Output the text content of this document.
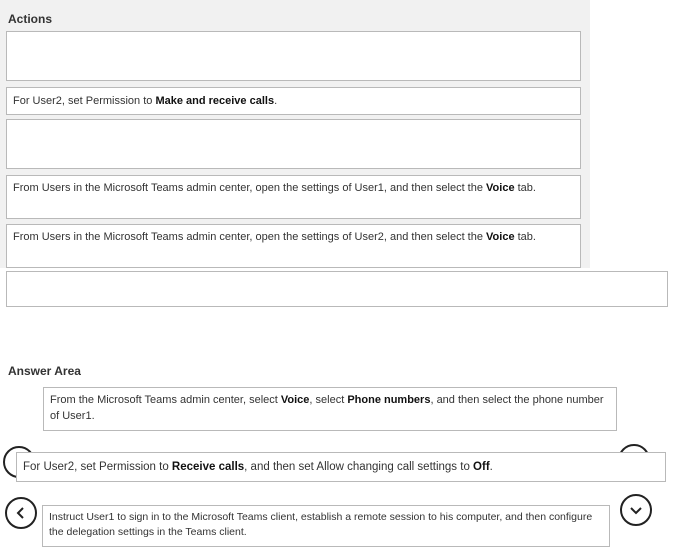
Actions
For User2, set Permission to Make and receive calls.
From Users in the Microsoft Teams admin center, open the settings of User1, and then select the Voice tab.
From Users in the Microsoft Teams admin center, open the settings of User2, and then select the Voice tab.
Answer Area
From the Microsoft Teams admin center, select Voice, select Phone numbers, and then select the phone number of User1.
For User2, set Permission to Receive calls, and then set Allow changing call settings to Off.
Instruct User1 to sign in to the Microsoft Teams client, establish a remote session to his computer, and then configure the delegation settings in the Teams client.
